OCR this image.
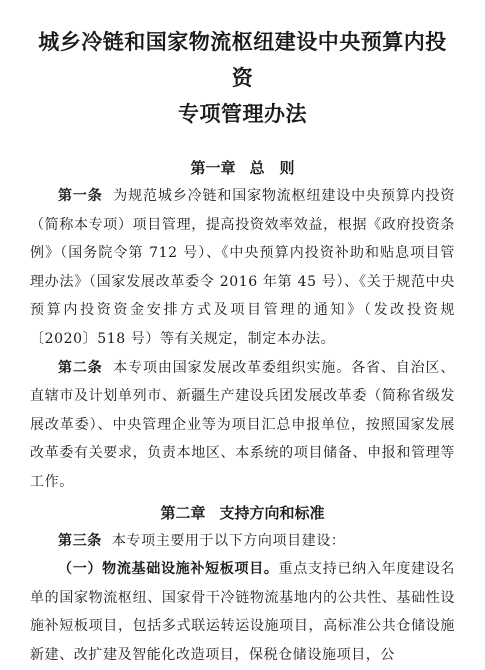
城乡冷链和国家物流枢纽建设中央预算内投资
专项管理办法
第一章 总　则

第一条 为规范城乡冷链和国家物流枢纽建设中央预算内投资（简称本专项）项目管理，提高投资效率效益，根据《政府投资条例》（国务院令第 712 号）、《中央预算内投资补助和贴息项目管理办法》（国家发展改革委令 2016 年第 45 号）、《关于规范中央预算内投资资金安排方式及项目管理的通知》（发改投资规〔2020〕518 号）等有关规定，制定本办法。

第二条 本专项由国家发展改革委组织实施。各省、自治区、直辖市及计划单列市、新疆生产建设兵团发展改革委（简称省级发展改革委）、中央管理企业等为项目汇总申报单位，按照国家发展改革委有关要求，负责本地区、本系统的项目储备、申报和管理等工作。

第二章 支持方向和标准

第三条 本专项主要用于以下方向项目建设：

（一）物流基础设施补短板项目。重点支持已纳入年度建设名单的国家物流枢纽、国家骨干冷链物流基地内的公共性、基础性设施补短板项目，包括多式联运转运设施项目，高标准公共仓储设施新建、改扩建及智能化改造项目，保税仓储设施项目，公
